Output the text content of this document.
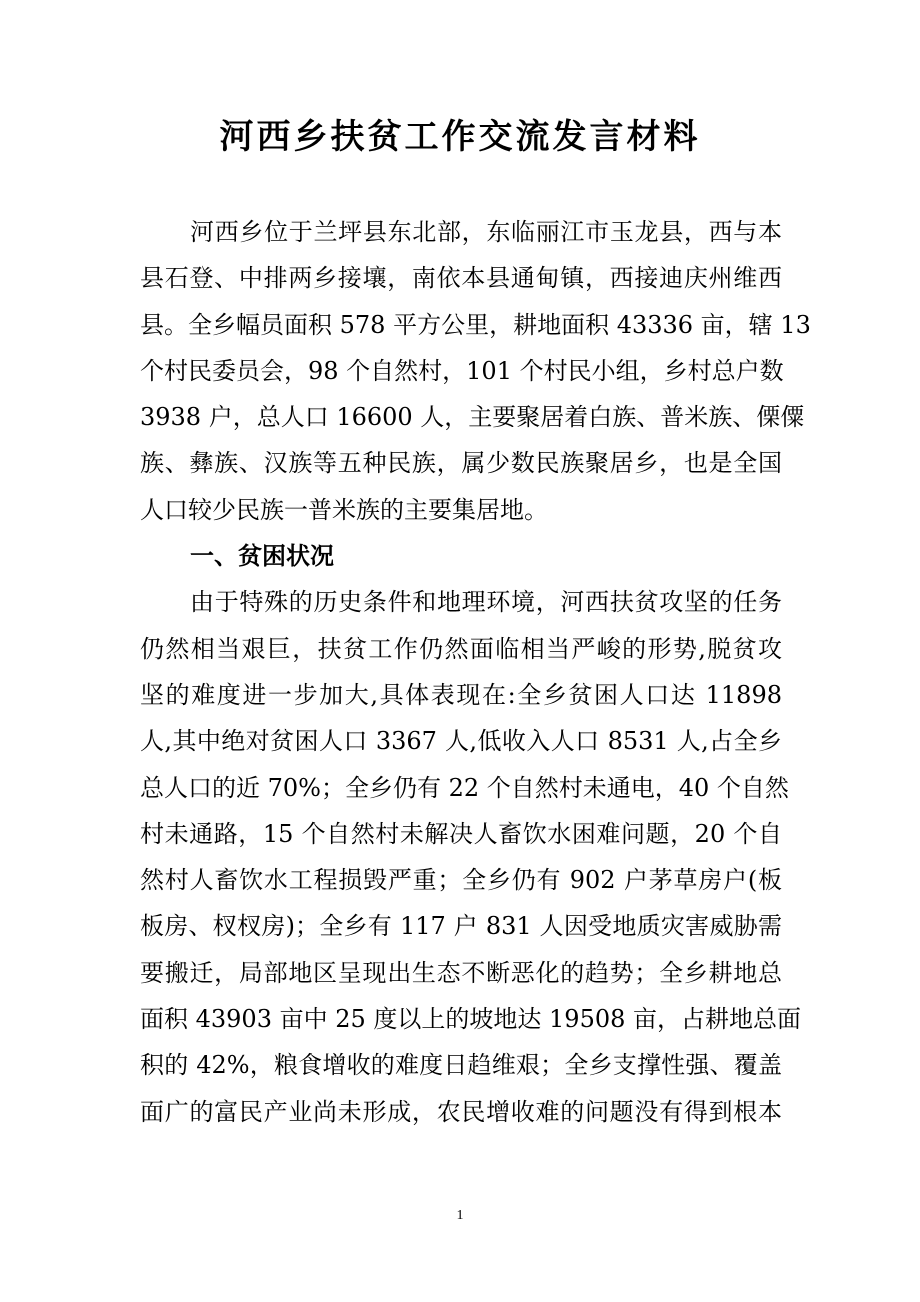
河西乡扶贫工作交流发言材料
河西乡位于兰坪县东北部，东临丽江市玉龙县，西与本
县石登、中排两乡接壤，南依本县通甸镇，西接迪庆州维西
县。全乡幅员面积 578 平方公里，耕地面积 43336 亩，辖 13
个村民委员会，98 个自然村，101 个村民小组，乡村总户数
3938 户，总人口 16600 人，主要聚居着白族、普米族、傈僳
族、彝族、汉族等五种民族，属少数民族聚居乡，也是全国
人口较少民族一普米族的主要集居地。
一、贫困状况
由于特殊的历史条件和地理环境，河西扶贫攻坚的任务
仍然相当艰巨，扶贫工作仍然面临相当严峻的形势,脱贫攻
坚的难度进一步加大,具体表现在:全乡贫困人口达 11898
人,其中绝对贫困人口 3367 人,低收入人口 8531 人,占全乡
总人口的近 70%；全乡仍有 22 个自然村未通电，40 个自然
村未通路，15 个自然村未解决人畜饮水困难问题，20 个自
然村人畜饮水工程损毁严重；全乡仍有 902 户茅草房户(板
板房、杈杈房)；全乡有 117 户 831 人因受地质灾害威胁需
要搬迁，局部地区呈现出生态不断恶化的趋势；全乡耕地总
面积 43903 亩中 25 度以上的坡地达 19508 亩，占耕地总面
积的 42%，粮食增收的难度日趋维艰；全乡支撑性强、覆盖
面广的富民产业尚未形成，农民增收难的问题没有得到根本
1
